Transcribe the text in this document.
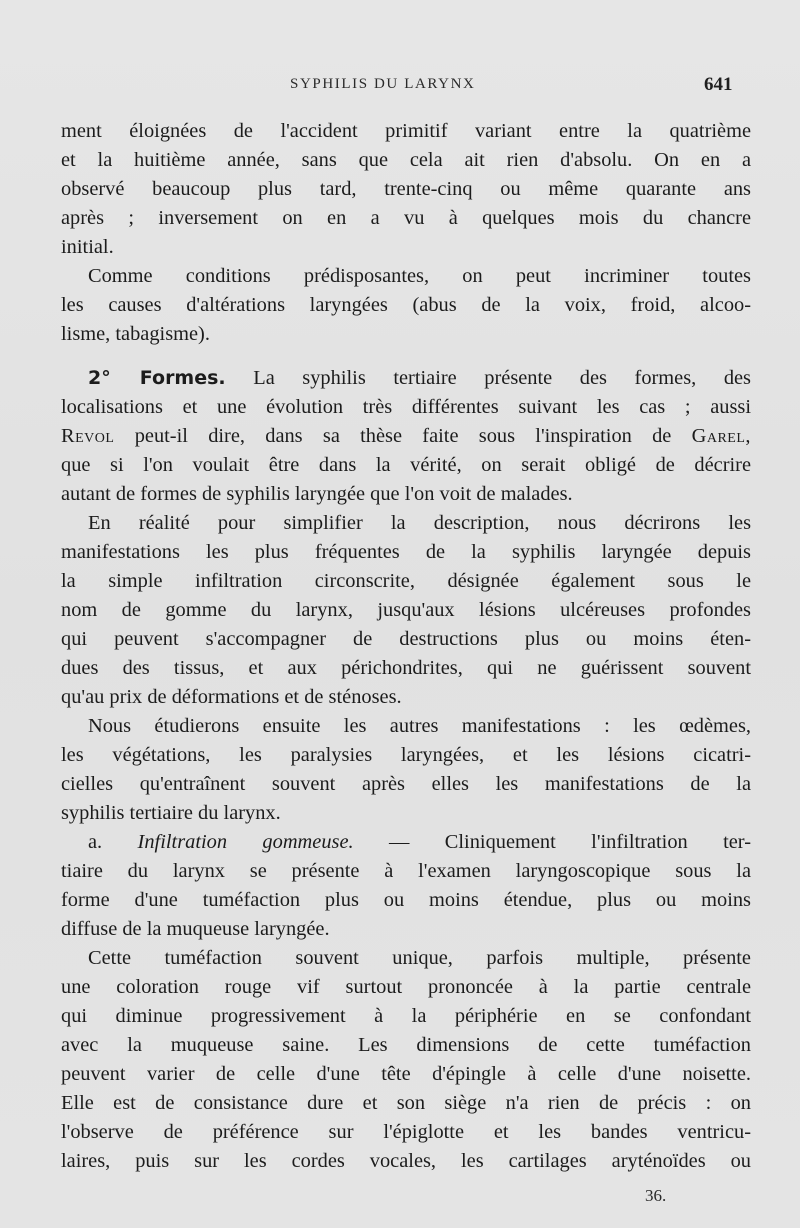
SYPHILIS DU LARYNX	641
ment éloignées de l'accident primitif variant entre la quatrième
et la huitième année, sans que cela ait rien d'absolu. On en a
observé beaucoup plus tard, trente-cinq ou même quarante ans
après ; inversement on en a vu à quelques mois du chancre
initial.
Comme conditions prédisposantes, on peut incriminer toutes
les causes d'altérations laryngées (abus de la voix, froid, alcoo-
lisme, tabagisme).
2° Formes. La syphilis tertiaire présente des formes, des
localisations et une évolution très différentes suivant les cas ; aussi
Revol peut-il dire, dans sa thèse faite sous l'inspiration de Garel,
que si l'on voulait être dans la vérité, on serait obligé de décrire
autant de formes de syphilis laryngée que l'on voit de malades.
En réalité pour simplifier la description, nous décrirons les
manifestations les plus fréquentes de la syphilis laryngée depuis
la simple infiltration circonscrite, désignée également sous le
nom de gomme du larynx, jusqu'aux lésions ulcéreuses profondes
qui peuvent s'accompagner de destructions plus ou moins éten-
dues des tissus, et aux périchondrites, qui ne guérissent souvent
qu'au prix de déformations et de sténoses.
Nous étudierons ensuite les autres manifestations : les œdèmes,
les végétations, les paralysies laryngées, et les lésions cicatri-
cielles qu'entraînent souvent après elles les manifestations de la
syphilis tertiaire du larynx.
a. Infiltration gommeuse. — Cliniquement l'infiltration ter-
tiaire du larynx se présente à l'examen laryngoscopique sous la
forme d'une tuméfaction plus ou moins étendue, plus ou moins
diffuse de la muqueuse laryngée.
Cette tuméfaction souvent unique, parfois multiple, présente
une coloration rouge vif surtout prononcée à la partie centrale
qui diminue progressivement à la périphérie en se confondant
avec la muqueuse saine. Les dimensions de cette tuméfaction
peuvent varier de celle d'une tête d'épingle à celle d'une noisette.
Elle est de consistance dure et son siège n'a rien de précis : on
l'observe de préférence sur l'épiglotte et les bandes ventricu-
laires, puis sur les cordes vocales, les cartilages aryténoïdes ou
36.
